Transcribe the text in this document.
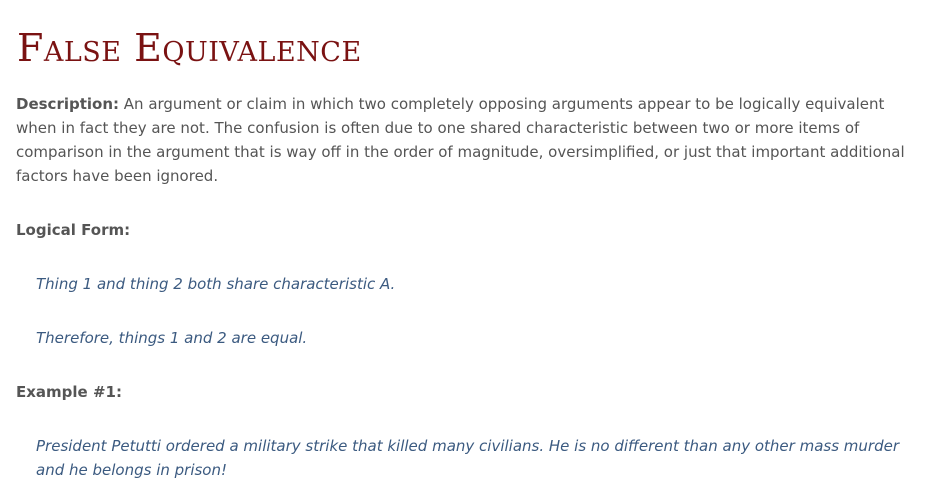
False Equivalence

Description: An argument or claim in which two completely opposing arguments appear to be logically equivalent when in fact they are not. The confusion is often due to one shared characteristic between two or more items of comparison in the argument that is way off in the order of magnitude, oversimplified, or just that important additional factors have been ignored.

Logical Form:

Thing 1 and thing 2 both share characteristic A.

Therefore, things 1 and 2 are equal.

Example #1:

President Petutti ordered a military strike that killed many civilians. He is no different than any other mass murder and he belongs in prison!
